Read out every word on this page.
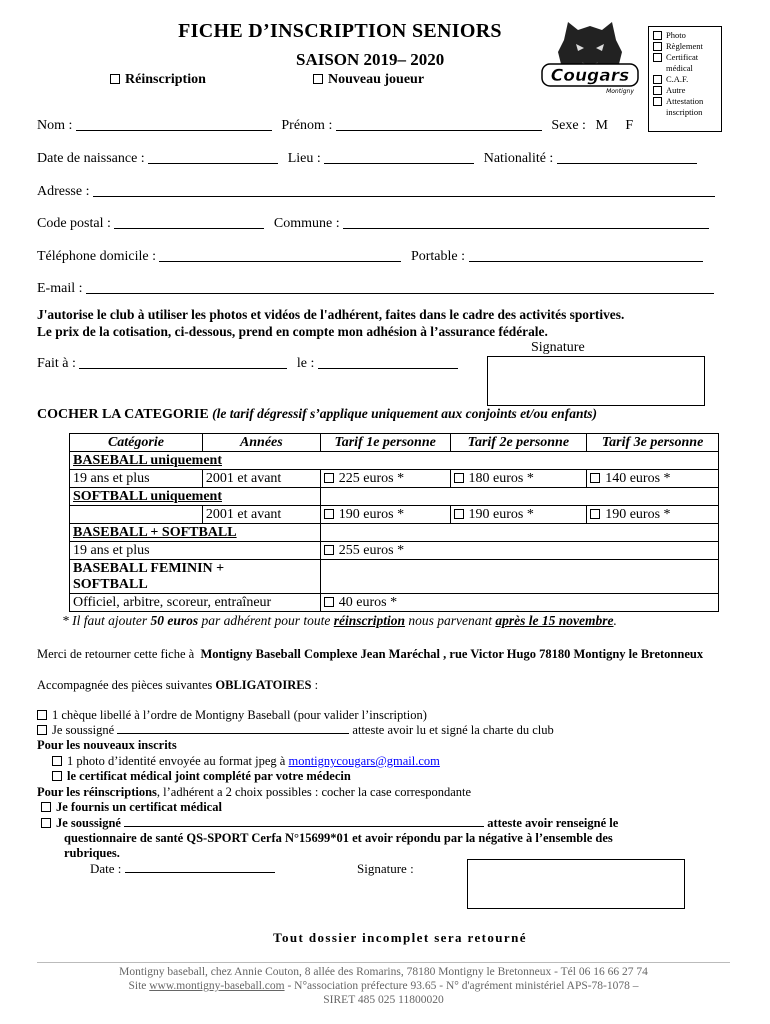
FICHE D’INSCRIPTION SENIORS
SAISON 2019– 2020
Réinscription	Nouveau joueur	Cougars
Montigny
Photo
Règlement
Certificat médical
C.A.F.
Autre
Attestation inscription
Nom :	Prénom :	Sexe : M F
Date de naissance :	Lieu :	Nationalité :
Adresse :
Code postal :	Commune :
Téléphone domicile :	Portable :
E-mail :
J'autorise le club à utiliser les photos et vidéos de l'adhérent, faites dans le cadre des activités sportives.
Le prix de la cotisation, ci-dessous, prend en compte mon adhésion à l’assurance fédérale.
Signature
Fait à :	le :
COCHER LA CATEGORIE (le tarif dégressif s’applique uniquement aux conjoints et/ou enfants)
Catégorie	Années	Tarif 1e personne	Tarif 2e personne	Tarif 3e personne
BASEBALL uniquement				
19 ans et plus	2001 et avant	225 euros *	180 euros *	140 euros *
SOFTBALL uniquement				
	2001 et avant	190 euros *	190 euros *	190 euros *
BASEBALL + SOFTBALL				
19 ans et plus		255 euros *		
BASEBALL FEMININ + SOFTBALL				
Officiel, arbitre, scoreur, entraîneur		40 euros *		
* Il faut ajouter 50 euros par adhérent pour toute réinscription nous parvenant après le 15 novembre.
Merci de retourner cette fiche à Montigny Baseball Complexe Jean Maréchal , rue Victor Hugo 78180 Montigny le Bretonneux
Accompagnée des pièces suivantes OBLIGATOIRES :
1 chèque libellé à l’ordre de Montigny Baseball (pour valider l’inscription)
Je soussigné	atteste avoir lu et signé la charte du club
Pour les nouveaux inscrits
1 photo d’identité envoyée au format jpeg à montignycougars@gmail.com
le certificat médical joint complété par votre médecin
Pour les réinscriptions, l’adhérent a 2 choix possibles : cocher la case correspondante
Je fournis un certificat médical
Je soussigné	atteste avoir renseigné le
questionnaire de santé QS-SPORT Cerfa N°15699*01 et avoir répondu par la négative à l’ensemble des
rubriques.
Date :	Signature :
Tout dossier incomplet sera retourné
Montigny baseball, chez Annie Couton, 8 allée des Romarins, 78180 Montigny le Bretonneux - Tél 06 16 66 27 74
Site www.montigny-baseball.com - N°association préfecture 93.65 - N° d'agrément ministériel APS-78-1078 –
SIRET 485 025 11800020
